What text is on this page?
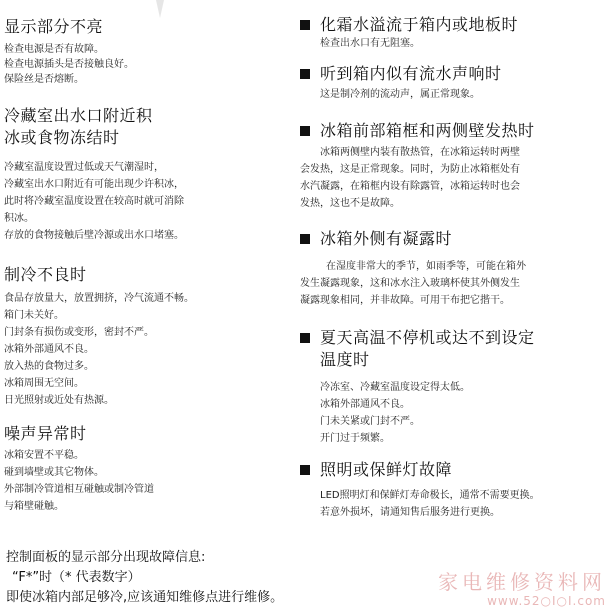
显示部分不亮

检查电源是否有故障。

检查电源插头是否接触良好。

保险丝是否熔断。

冷藏室出水口附近积
冰或食物冻结时

冷藏室温度设置过低或天气潮湿时，

冷藏室出水口附近有可能出现少许积冰，

此时将冷藏室温度设置在较高时就可消除

积冰。

存放的食物接触后壁冷源或出水口堵塞。

制冷不良时

食品存放量大，放置拥挤，冷气流通不畅。

箱门未关好。

门封条有损伤或变形，密封不严。

冰箱外部通风不良。

放入热的食物过多。

冰箱周围无空间。

日光照射或近处有热源。

噪声异常时

冰箱安置不平稳。

碰到墙壁或其它物体。

外部制冷管道相互碰触或制冷管道

与箱壁碰触。

化霜水溢流于箱内或地板时

检查出水口有无阻塞。

听到箱内似有流水声响时

这是制冷剂的流动声，属正常现象。

冰箱前部箱框和两侧壁发热时

冰箱两侧壁内装有散热管，在冰箱运转时两壁

会发热，这是正常现象。同时，为防止冰箱框处有

水汽凝露，在箱框内设有除露管，冰箱运转时也会

发热，这也不是故障。

冰箱外侧有凝露时

在湿度非常大的季节，如雨季等，可能在箱外

发生凝露现象，这和冰水注入玻璃杯使其外侧发生

凝露现象相同，并非故障。可用干布把它揩干。

夏天高温不停机或达不到设定
温度时

冷冻室、冷藏室温度设定得太低。

冰箱外部通风不良。

门未关紧或门封不严。

开门过于频繁。

照明或保鲜灯故障

LED照明灯和保鲜灯寿命极长，通常不需要更换。

若意外损坏，请通知售后服务进行更换。

控制面板的显示部分出现故障信息:

“F*”时（* 代表数字）

即使冰箱内部足够冷,应该通知维修点进行维修。

家电维修资料网
www.52○I○I.com
